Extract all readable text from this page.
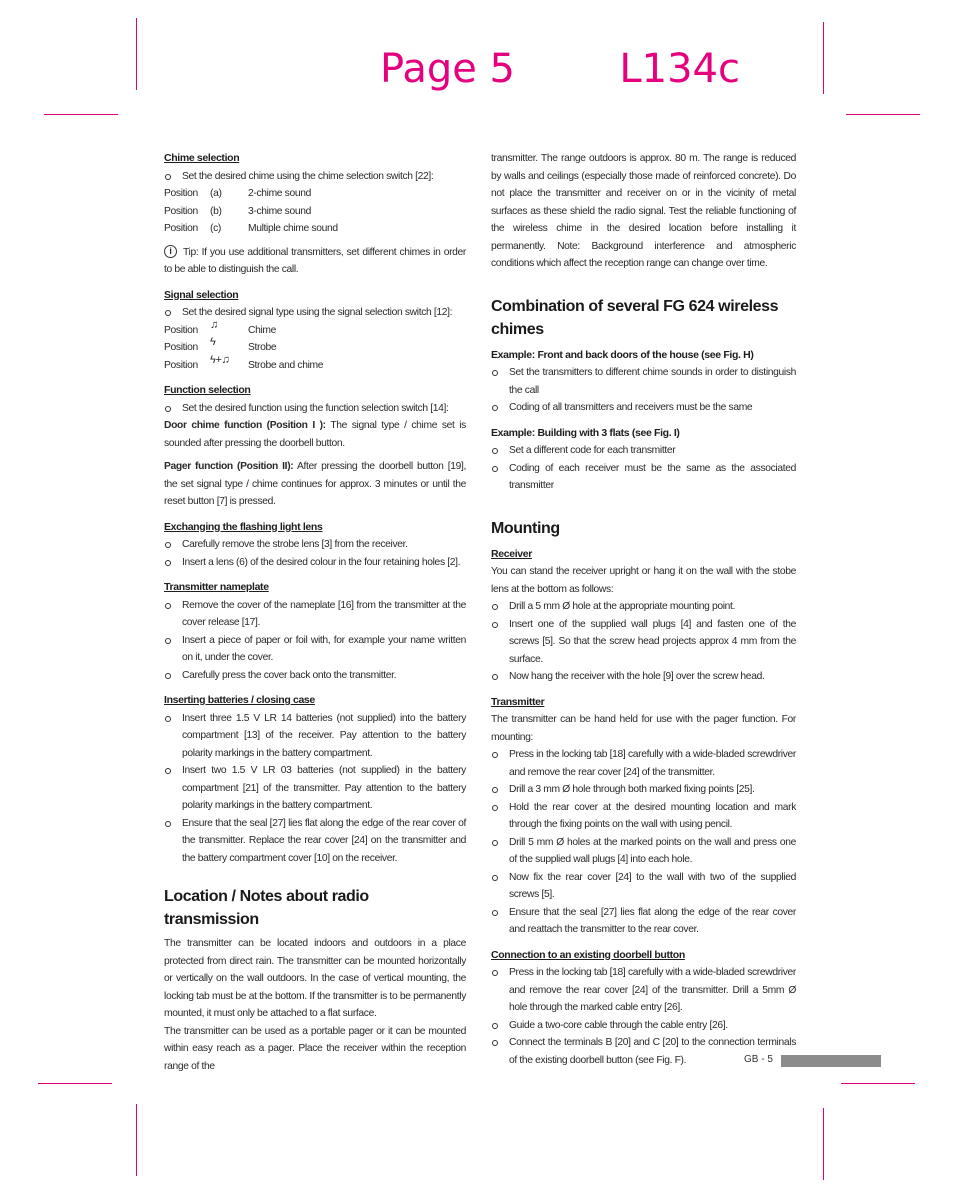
Page 5	L134c
Chime selection
Set the desired chime using the chime selection switch [22]:
Position	(a)	2-chime sound
Position	(b)	3-chime sound
Position	(c)	Multiple chime sound

i Tip: If you use additional transmitters, set different chimes in order to be able to distinguish the call.

Signal selection
Set the desired signal type using the signal selection switch [12]:
Position	♫	Chime
Position	ϟ	Strobe
Position	ϟ+♫	Strobe and chime
Function selection
Set the desired function using the function selection switch [14]:

Door chime function (Position I ): The signal type / chime set is sounded after pressing the doorbell button.

Pager function (Position II): After pressing the doorbell button [19], the set signal type / chime continues for approx. 3 minutes or until the reset button [7] is pressed.

Exchanging the flashing light lens
Carefully remove the strobe lens [3] from the receiver.
Insert a lens (6) of the desired colour in the four retaining holes [2].
Transmitter nameplate
Remove the cover of the nameplate [16] from the transmitter at the cover release [17].
Insert a piece of paper or foil with, for example your name written on it, under the cover.
Carefully press the cover back onto the transmitter.
Inserting batteries / closing case
Insert three 1.5 V LR 14 batteries (not supplied) into the battery compartment [13] of the receiver. Pay attention to the battery polarity markings in the battery compartment.
Insert two 1.5 V LR 03 batteries (not supplied) in the battery compartment [21] of the transmitter. Pay attention to the battery polarity markings in the battery compartment.
Ensure that the seal [27] lies flat along the edge of the rear cover of the transmitter. Replace the rear cover [24] on the transmitter and the battery compartment cover [10] on the receiver.
Location / Notes about radio transmission

The transmitter can be located indoors and outdoors in a place protected from direct rain. The transmitter can be mounted horizontally or vertically on the wall outdoors. In the case of vertical mounting, the locking tab must be at the bottom. If the transmitter is to be permanently mounted, it must only be attached to a flat surface.

The transmitter can be used as a portable pager or it can be mounted within easy reach as a pager. Place the receiver within the reception range of the

transmitter. The range outdoors is approx. 80 m. The range is reduced by walls and ceilings (especially those made of reinforced concrete). Do not place the transmitter and receiver on or in the vicinity of metal surfaces as these shield the radio signal. Test the reliable functioning of the wireless chime in the desired location before installing it permanently. Note: Background interference and atmospheric conditions which affect the reception range can change over time.

Combination of several FG 624 wireless chimes
Example: Front and back doors of the house (see Fig. H)
Set the transmitters to different chime sounds in order to distinguish the call
Coding of all transmitters and receivers must be the same
Example: Building with 3 flats (see Fig. I)
Set a different code for each transmitter
Coding of each receiver must be the same as the associated transmitter
Mounting
Receiver

You can stand the receiver upright or hang it on the wall with the stobe lens at the bottom as follows:

Drill a 5 mm Ø hole at the appropriate mounting point.
Insert one of the supplied wall plugs [4] and fasten one of the screws [5]. So that the screw head projects approx 4 mm from the surface.
Now hang the receiver with the hole [9] over the screw head.
Transmitter

The transmitter can be hand held for use with the pager function. For mounting:

Press in the locking tab [18] carefully with a wide-bladed screwdriver and remove the rear cover [24] of the transmitter.
Drill a 3 mm Ø hole through both marked fixing points [25].
Hold the rear cover at the desired mounting location and mark through the fixing points on the wall with using pencil.
Drill 5 mm Ø holes at the marked points on the wall and press one of the supplied wall plugs [4] into each hole.
Now fix the rear cover [24] to the wall with two of the supplied screws [5].
Ensure that the seal [27] lies flat along the edge of the rear cover and reattach the transmitter to the rear cover.
Connection to an existing doorbell button
Press in the locking tab [18] carefully with a wide-bladed screwdriver and remove the rear cover [24] of the transmitter. Drill a 5mm Ø hole through the marked cable entry [26].
Guide a two-core cable through the cable entry [26].
Connect the terminals B [20] and C [20] to the connection terminals of the existing doorbell button (see Fig. F).	GB - 5
